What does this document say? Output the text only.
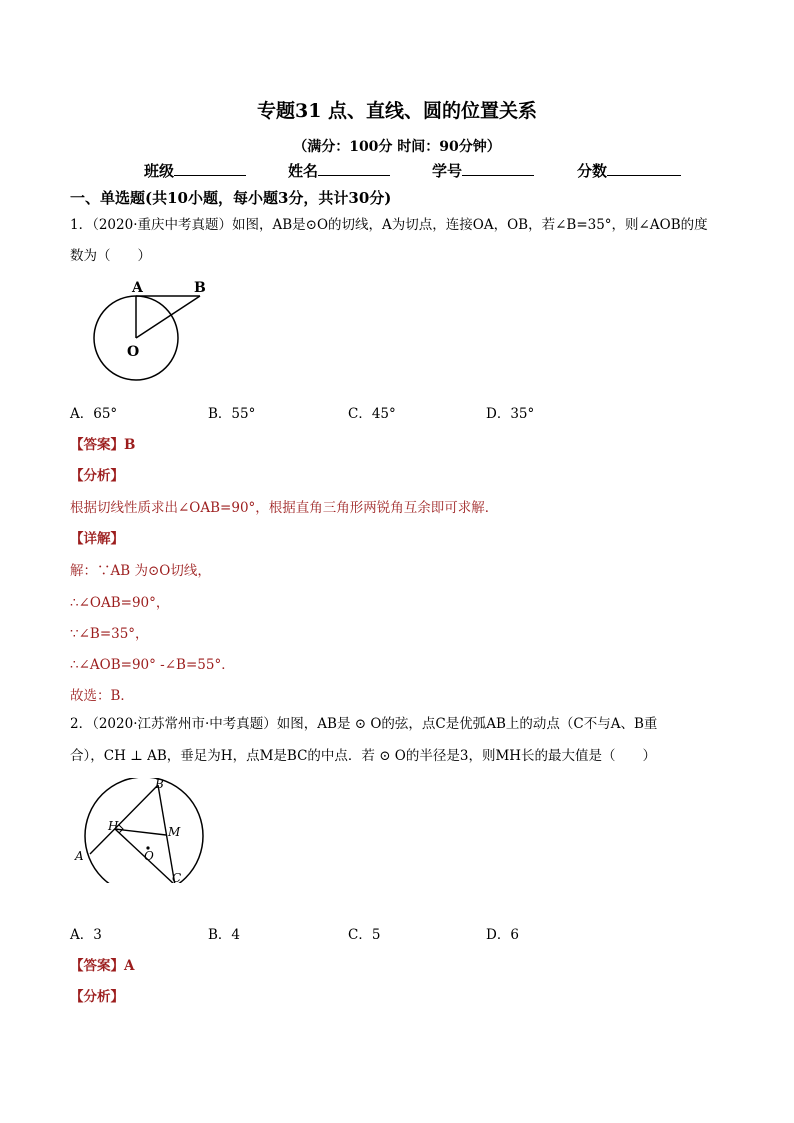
专题31 点、直线、圆的位置关系
（满分：100分 时间：90分钟）
班级	姓名	学号	分数
一、单选题(共10小题，每小题3分，共计30分)
1．（2020·重庆中考真题）如图，AB是⊙O的切线，A为切点，连接OA，OB，若∠B=35°，则∠AOB的度
数为（　　）
A	B
O
A．65°	B．55°	C．45°	D．35°
【答案】B
【分析】
根据切线性质求出∠OAB=90°，根据直角三角形两锐角互余即可求解．
【详解】
解：∵AB 为⊙O切线，
∴∠OAB=90°，
∵∠B=35°，
∴∠AOB=90° -∠B=55°．
故选：B．
2．（2020·江苏常州市·中考真题）如图，AB是 ⊙ O的弦，点C是优弧AB上的动点（C不与A、B重
合），CH ⊥ AB，垂足为H，点M是BC的中点．若 ⊙ O的半径是3，则MH长的最大值是（　　）
B
H	M
A	O
C
A．3	B．4	C．5	D．6
【答案】A
【分析】
